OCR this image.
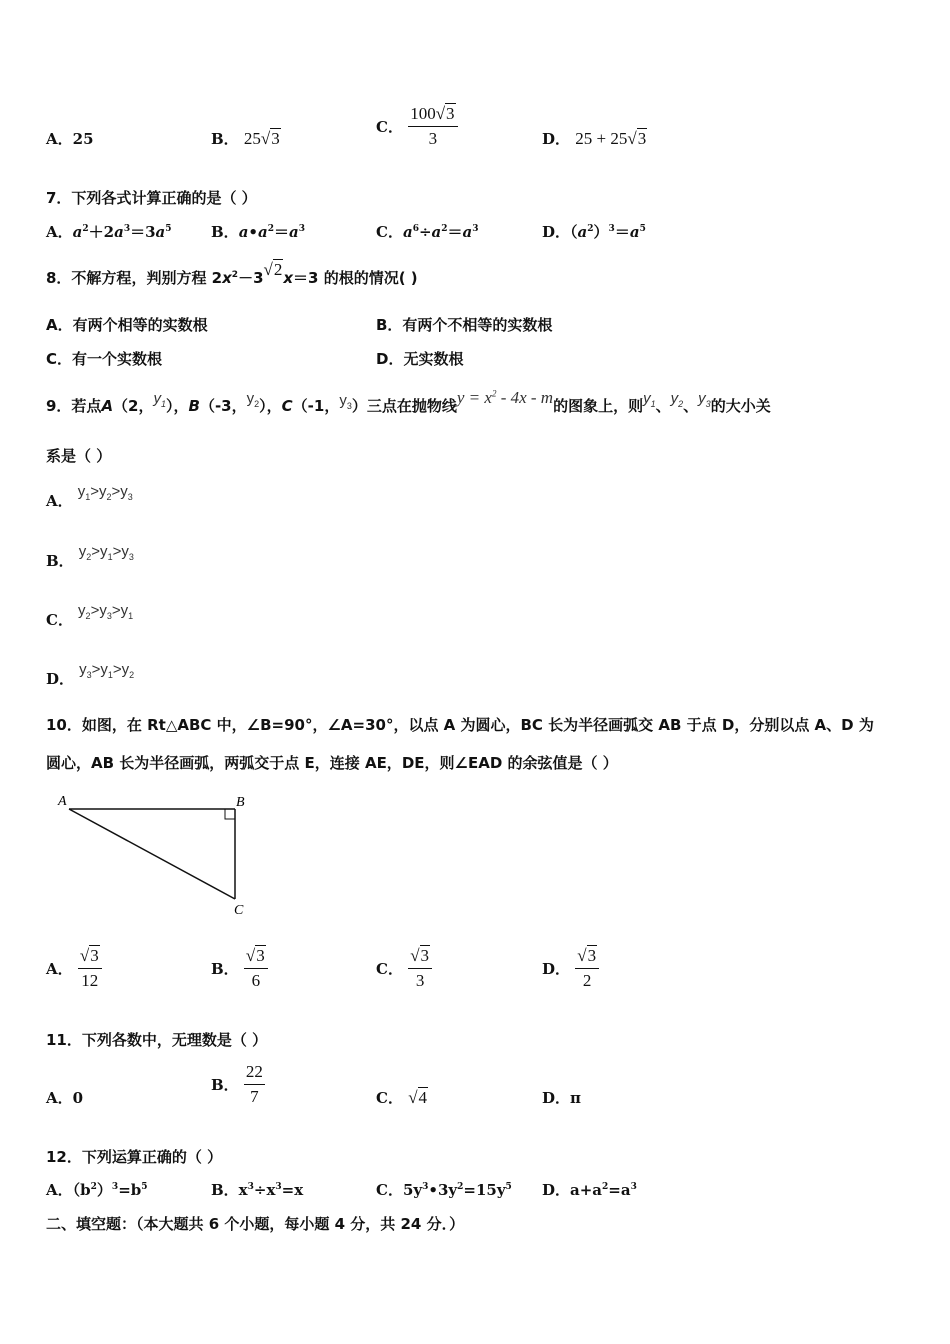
A．25	B． 25√3
C． $\frac{100√3}{3}$	D． 25 + 25√3
7．下列各式计算正确的是（ ）
A．$a^2+2a^3=3a^5$	B．$a•a^2=a^3$	C．$a^6\div a^2=a^3$	D．$(a^2)^3=a^5$
8．不解方程，判别方程 $2x^2-3√2x=3$ 的根的情况( )
A．有两个相等的实数根	B．有两个不相等的实数根
C．有一个实数根	D．无实数根
9．若点A（2，$y_1$），B（-3，$y_2$），C（-1，$y_3$）三点在抛物线$y = x^2 - 4x - m$的图象上，则$y_1$、$y_2$、$y_3$的大小关
系是（ ）
A． $y_1>y_2>y_3$
B． $y_2>y_1>y_3$
C． $y_2>y_3>y_1$
D． $y_3>y_1>y_2$
10．如图，在 Rt△ABC 中，∠B=90°，∠A=30°，以点 A 为圆心，BC 长为半径画弧交 AB 于点 D，分别以点 A、D 为
圆心，AB 长为半径画弧，两弧交于点 E，连接 AE，DE，则∠EAD 的余弦值是（ ）
A	B
C
A． $\frac{√3}{12}$	B． $\frac{√3}{6}$	C． $\frac{√3}{3}$	D． $\frac{√3}{2}$
11．下列各数中，无理数是（ ）
A．0
B． $\frac{22}{7}$	C． √4	D．π
12．下列运算正确的（ ）
A．$(b^2)^3=b^5$	B．$x^3\div x^3=x$	C．$5y^3•3y^2=15y^5$ D．$a+a^2=a^3$
二、填空题：（本大题共 6 个小题，每小题 4 分，共 24 分．）
